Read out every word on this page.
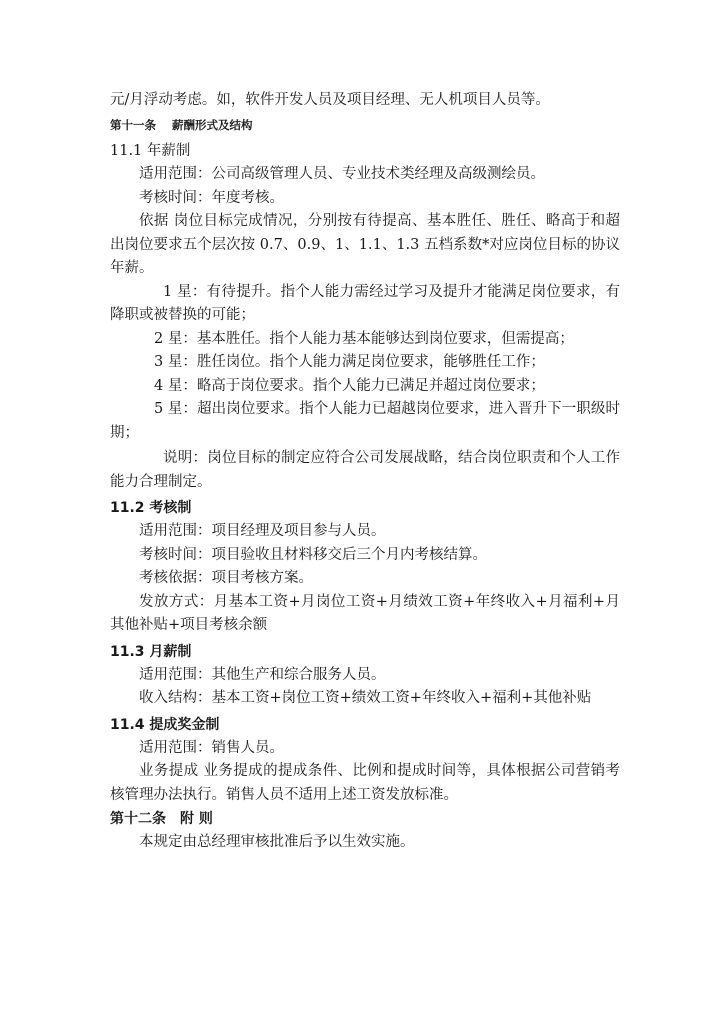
元/月浮动考虑。如，软件开发人员及项目经理、无人机项目人员等。
第十一条 薪酬形式及结构
11.1 年薪制
适用范围：公司高级管理人员、专业技术类经理及高级测绘员。
考核时间：年度考核。
依据 岗位目标完成情况，分别按有待提高、基本胜任、胜任、略高于和超出岗位要求五个层次按 0.7、0.9、1、1.1、1.3 五档系数*对应岗位目标的协议年薪。
1 星：有待提升。指个人能力需经过学习及提升才能满足岗位要求，有降职或被替换的可能；
2 星：基本胜任。指个人能力基本能够达到岗位要求，但需提高；
3 星：胜任岗位。指个人能力满足岗位要求，能够胜任工作；
4 星：略高于岗位要求。指个人能力已满足并超过岗位要求；
5 星：超出岗位要求。指个人能力已超越岗位要求，进入晋升下一职级时期；
说明：岗位目标的制定应符合公司发展战略，结合岗位职责和个人工作能力合理制定。
11.2 考核制
适用范围：项目经理及项目参与人员。
考核时间：项目验收且材料移交后三个月内考核结算。
考核依据：项目考核方案。
发放方式：月基本工资+月岗位工资+月绩效工资+年终收入+月福利+月其他补贴+项目考核余额
11.3 月薪制
适用范围：其他生产和综合服务人员。
收入结构：基本工资+岗位工资+绩效工资+年终收入+福利+其他补贴
11.4 提成奖金制
适用范围：销售人员。
业务提成 业务提成的提成条件、比例和提成时间等，具体根据公司营销考核管理办法执行。销售人员不适用上述工资发放标准。
第十二条 附 则
本规定由总经理审核批准后予以生效实施。
